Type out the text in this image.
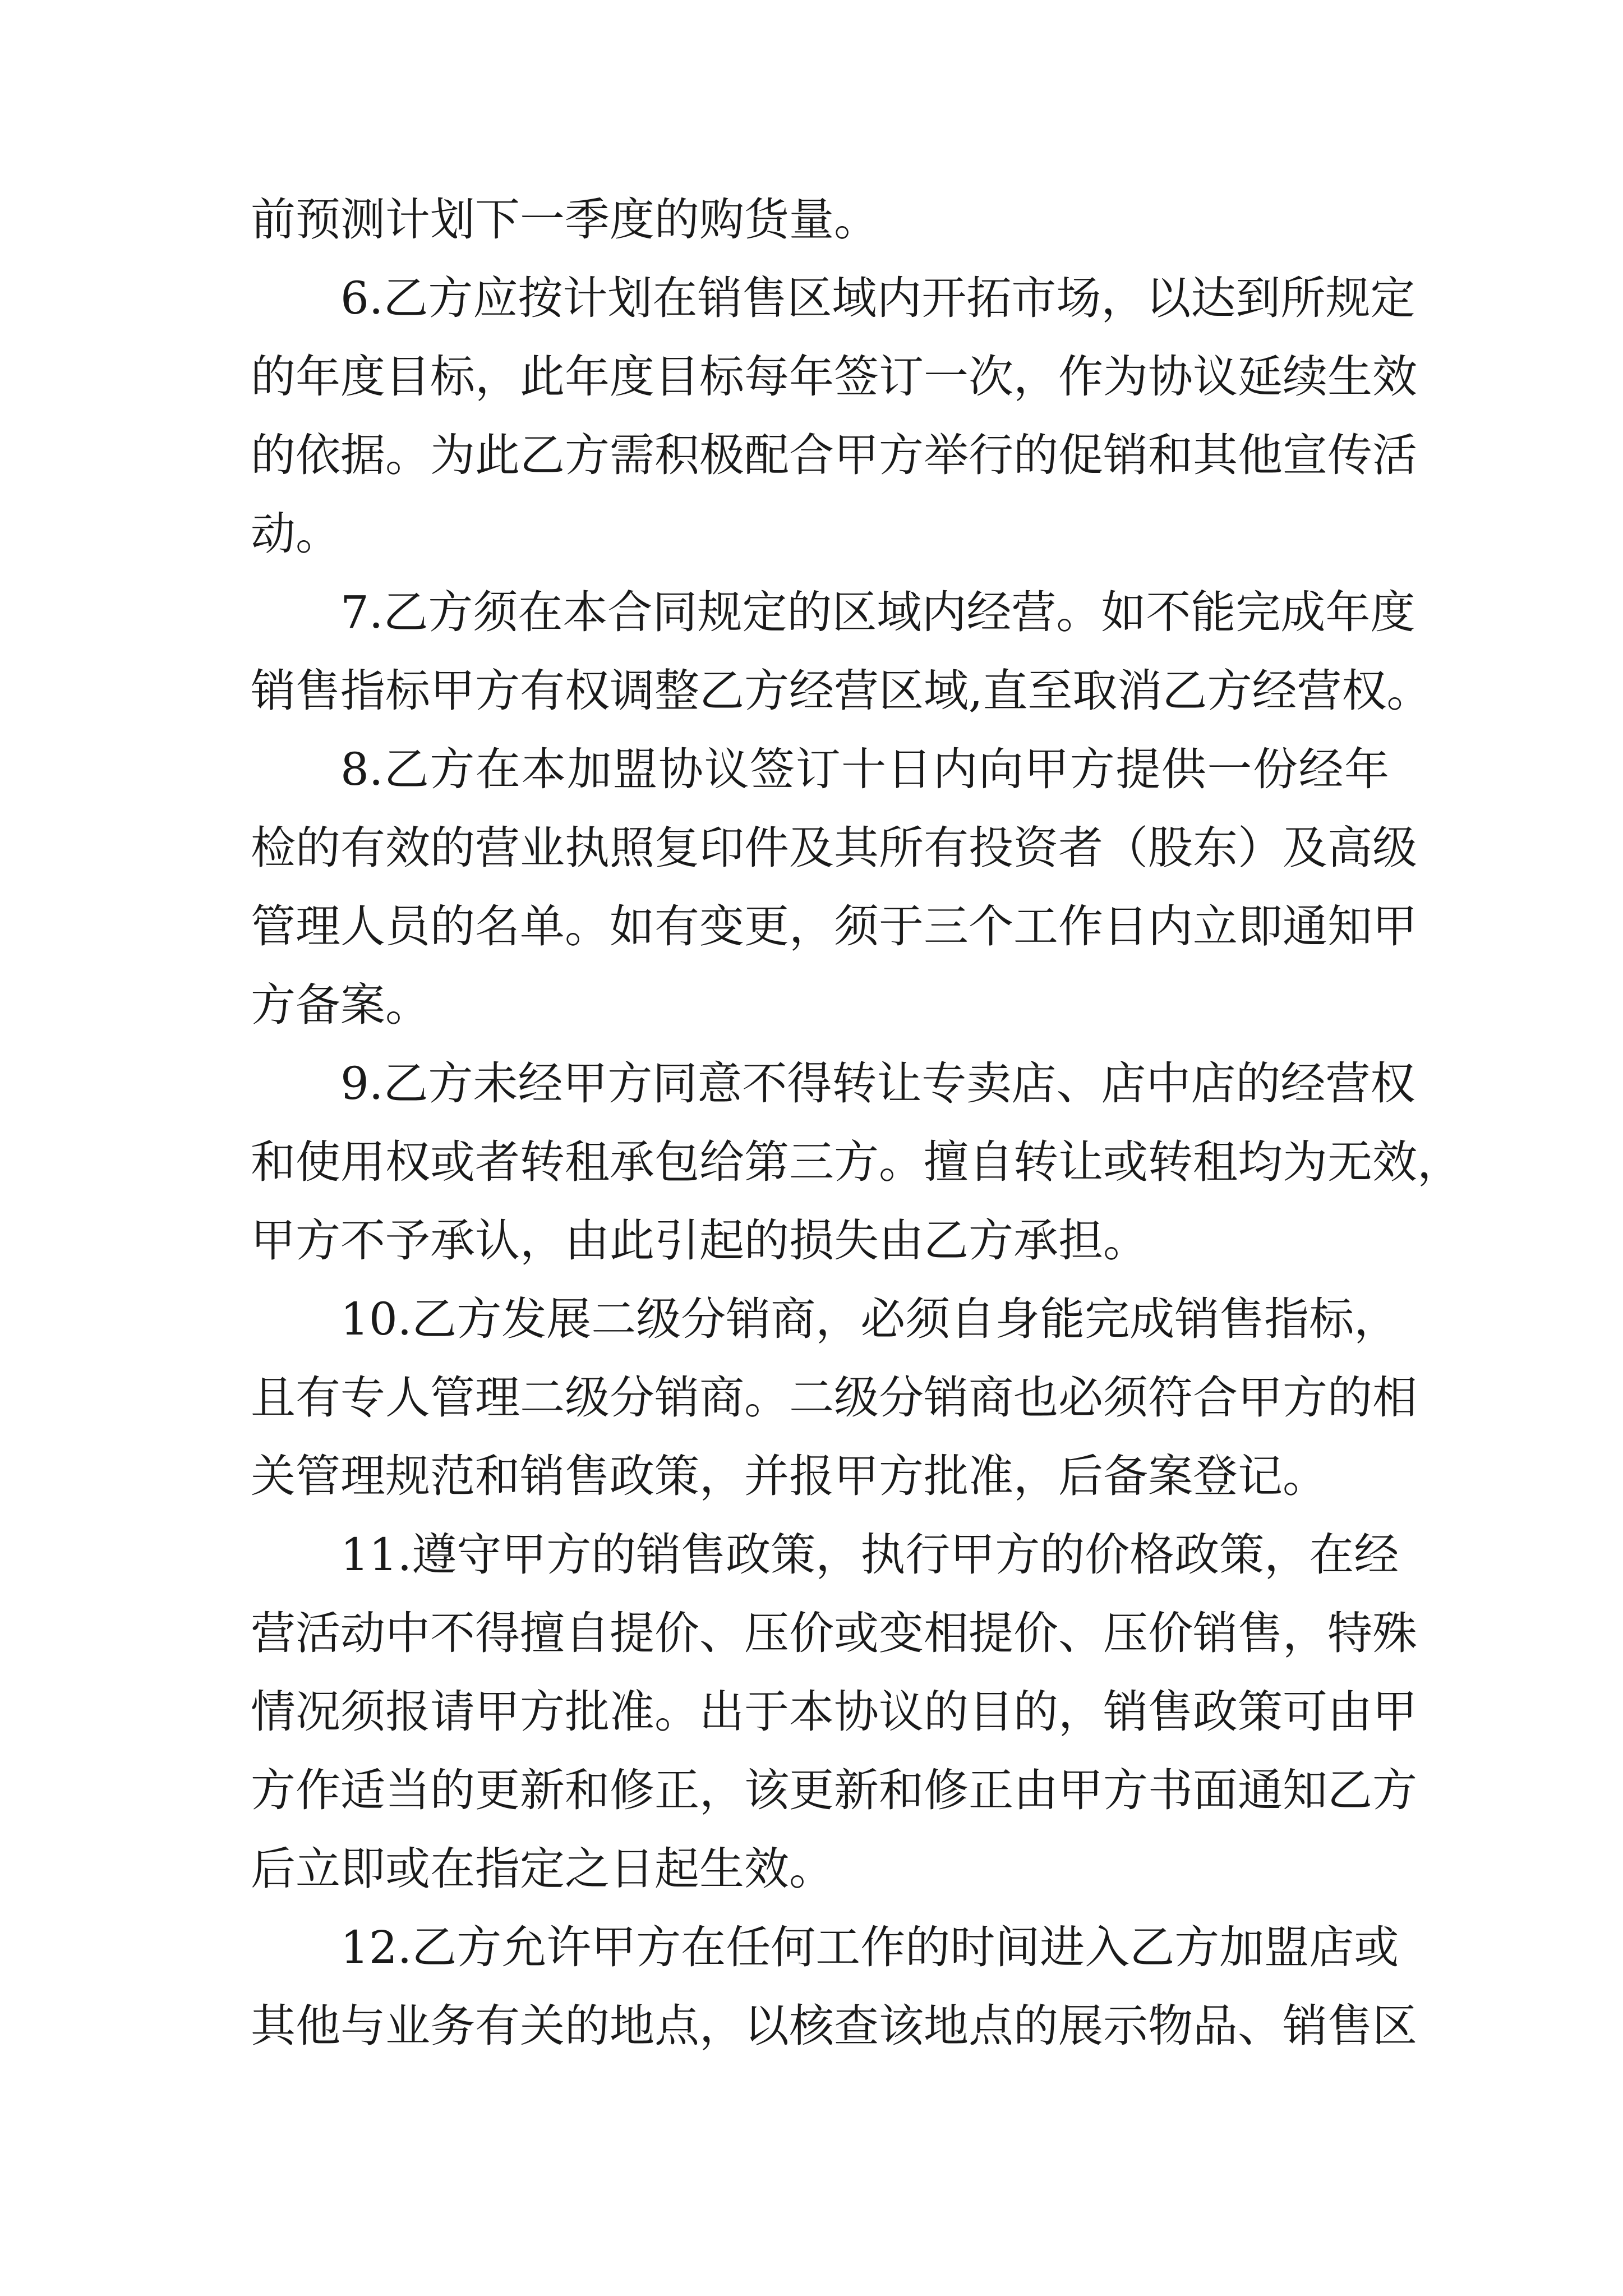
前预测计划下一季度的购货量。
6.乙方应按计划在销售区域内开拓市场，以达到所规定
的年度目标，此年度目标每年签订一次，作为协议延续生效
的依据。为此乙方需积极配合甲方举行的促销和其他宣传活
动。
7.乙方须在本合同规定的区域内经营。如不能完成年度
销售指标甲方有权调整乙方经营区域,直至取消乙方经营权。
8.乙方在本加盟协议签订十日内向甲方提供一份经年
检的有效的营业执照复印件及其所有投资者（股东）及高级
管理人员的名单。如有变更，须于三个工作日内立即通知甲
方备案。
9.乙方未经甲方同意不得转让专卖店、店中店的经营权
和使用权或者转租承包给第三方。擅自转让或转租均为无效，
甲方不予承认，由此引起的损失由乙方承担。
10.乙方发展二级分销商，必须自身能完成销售指标，
且有专人管理二级分销商。二级分销商也必须符合甲方的相
关管理规范和销售政策，并报甲方批准，后备案登记。
11.遵守甲方的销售政策，执行甲方的价格政策，在经
营活动中不得擅自提价、压价或变相提价、压价销售，特殊
情况须报请甲方批准。出于本协议的目的，销售政策可由甲
方作适当的更新和修正，该更新和修正由甲方书面通知乙方
后立即或在指定之日起生效。
12.乙方允许甲方在任何工作的时间进入乙方加盟店或
其他与业务有关的地点，以核查该地点的展示物品、销售区
